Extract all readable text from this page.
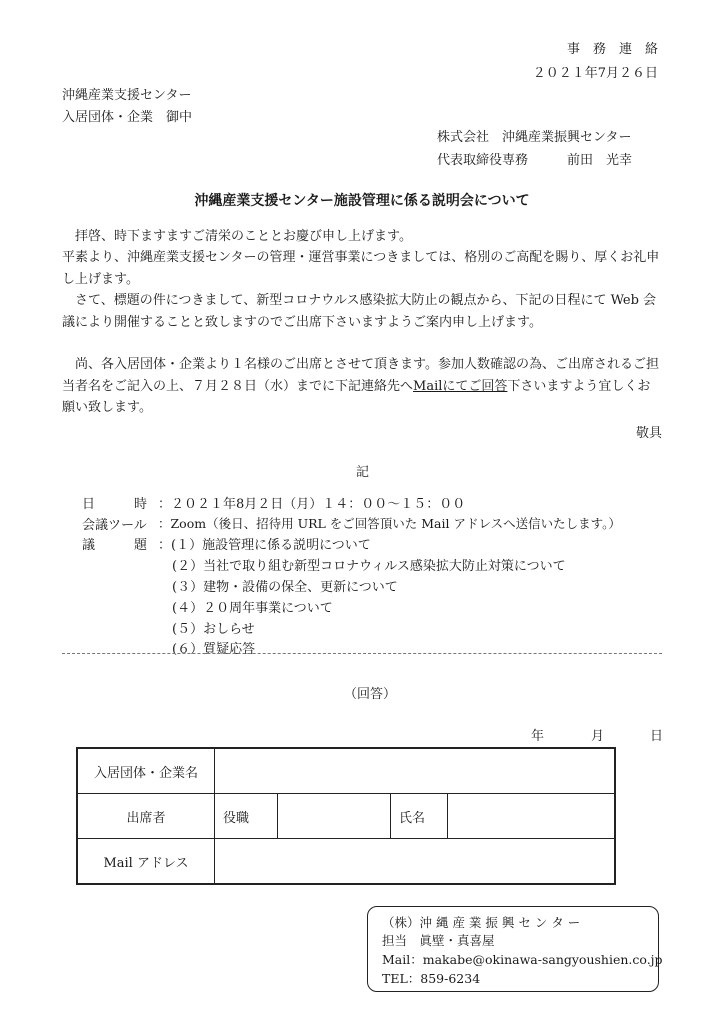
事　務　連　絡
２０２１年7月２６日
沖縄産業支援センター
入居団体・企業　御中
株式会社　沖縄産業振興センター
代表取締役専務　　　前田　光幸
沖縄産業支援センター施設管理に係る説明会について
拝啓、時下ますますご清栄のこととお慶び申し上げます。
平素より、沖縄産業支援センターの管理・運営事業につきましては、格別のご高配を賜り、厚くお礼申し上げます。
さて、標題の件につきまして、新型コロナウルス感染拡大防止の観点から、下記の日程にて Web 会議により開催することと致しますのでご出席下さいますようご案内申し上げます。
尚、各入居団体・企業より１名様のご出席とさせて頂きます。参加人数確認の為、ご出席されるご担当者名をご記入の上、７月２８日（水）までに下記連絡先へMailにてご回答下さいますよう宜しくお願い致します。
敬具
記
日　　　時 ：２０２１年8月２日（月）１４：００～１５：００
会議ツール ：Zoom（後日、招待用 URL をご回答頂いた Mail アドレスへ送信いたします。）
議　　　題 ：(１）施設管理に係る説明について
(２）当社で取り組む新型コロナウィルス感染拡大防止対策について
(３）建物・設備の保全、更新について
(４）２０周年事業について
(５）おしらせ
(６）質疑応答
（回答）
年	月	日
入居団体・企業名				
出席者	役職		氏名	
Mail アドレス				
（株）沖 縄 産 業 振 興 セ ン タ ー
担当　眞壁・真喜屋
Mail：makabe@okinawa-sangyoushien.co.jp
TEL：859-6234
